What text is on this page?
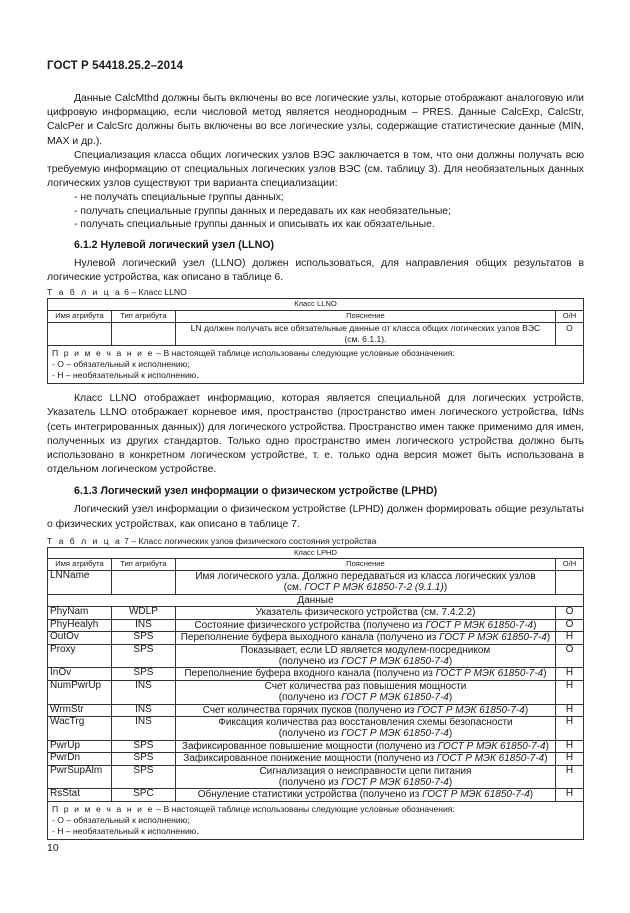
ГОСТ Р 54418.25.2–2014

Данные CalcMthd должны быть включены во все логические узлы, которые отображают аналоговую или цифровую информацию, если числовой метод является неоднородным – PRES. Данные CalcExp, CalcStr, CalcPer и CalcSrc должны быть включены во все логические узлы, содержащие статистические данные (MIN, MAX и др.).

Специализация класса общих логических узлов ВЭС заключается в том, что они должны получать всю требуемую информацию от специальных логических узлов ВЭС (см. таблицу 3). Для необязательных данных логических узлов существуют три варианта специализации:

- не получать специальные группы данных;
- получать специальные группы данных и передавать их как необязательные;
- получать специальные группы данных и описывать их как обязательные.
6.1.2 Нулевой логический узел (LLNO)

Нулевой логический узел (LLNO) должен использоваться, для направления общих результатов в логические устройства, как описано в таблице 6.

Т а б л и ц а 6 – Класс LLNO
Класс LLNO			
Имя атрибута	Тип атрибута	Пояснение	О/Н
		LN должен получать все обязательные данные от класса общих логических узлов ВЭС (см. 6.1.1).	О

П р и м е ч а н и е – В настоящей таблице использованы следующие условные обозначения:
- О – обязательный к исполнению;
- Н – необязательный к исполнению.			

Класс LLNO отображает информацию, которая является специальной для логических устройств. Указатель LLNO отображает корневое имя, пространство (пространство имен логического устройства, IdNs (сеть интегрированных данных)) для логического устройства. Пространство имен также применимо для имен, полученных из других стандартов. Только одно пространство имен логического устройства должно быть использовано в конкретном логическом устройстве, т. е. только одна версия может быть использована в отдельном логическом устройстве.

6.1.3 Логический узел информации о физическом устройстве (LPHD)

Логический узел информации о физическом устройстве (LPHD) должен формировать общие результаты о физических устройствах, как описано в таблице 7.

Т а б л и ц а 7 – Класс логических узлов физического состояния устройства
Класс LPHD			
Имя атрибута	Тип атрибута	Пояснение	О/Н
LNName		Имя логического узла. Должно передаваться из класса логических узлов
(см. ГОСТ Р МЭК 61850-7-2 (9.1.1))	

Данные			
PhyNam	WDLP	Указатель физического устройства (см. 7.4.2.2)	О
PhyHealyh	INS	Состояние физического устройства (получено из ГОСТ Р МЭК 61850-7-4)	О
OutOv	SPS	Переполнение буфера выходного канала (получено из ГОСТ Р МЭК 61850-7-4)	Н
Proxy	SPS	Показывает, если LD является модулем-посредником
(получено из ГОСТ Р МЭК 61850-7-4)	О
InOv	SPS	Переполнение буфера входного канала (получено из ГОСТ Р МЭК 61850-7-4)	Н
NumPwrUp	INS	Счет количества раз повышения мощности
(получено из ГОСТ Р МЭК 61850-7-4)	Н
WrmStr	INS	Счет количества горячих пусков (получено из ГОСТ Р МЭК 61850-7-4)	Н
WacTrg	INS	Фиксация количества раз восстановления схемы безопасности
(получено из ГОСТ Р МЭК 61850-7-4)	Н
PwrUp	SPS	Зафиксированное повышение мощности (получено из ГОСТ Р МЭК 61850-7-4)	Н
PwrDn	SPS	Зафиксированное понижение мощности (получено из ГОСТ Р МЭК 61850-7-4)	Н
PwrSupAlm	SPS	Сигнализация о неисправности цепи питания
(получено из ГОСТ Р МЭК 61850-7-4)	Н
RsStat	SPC	Обнуление статистики устройства (получено из ГОСТ Р МЭК 61850-7-4)	Н

П р и м е ч а н и е – В настоящей таблице использованы следующие условные обозначения:
- О – обязательный к исполнению;
- Н – необязательный к исполнению.			
10
